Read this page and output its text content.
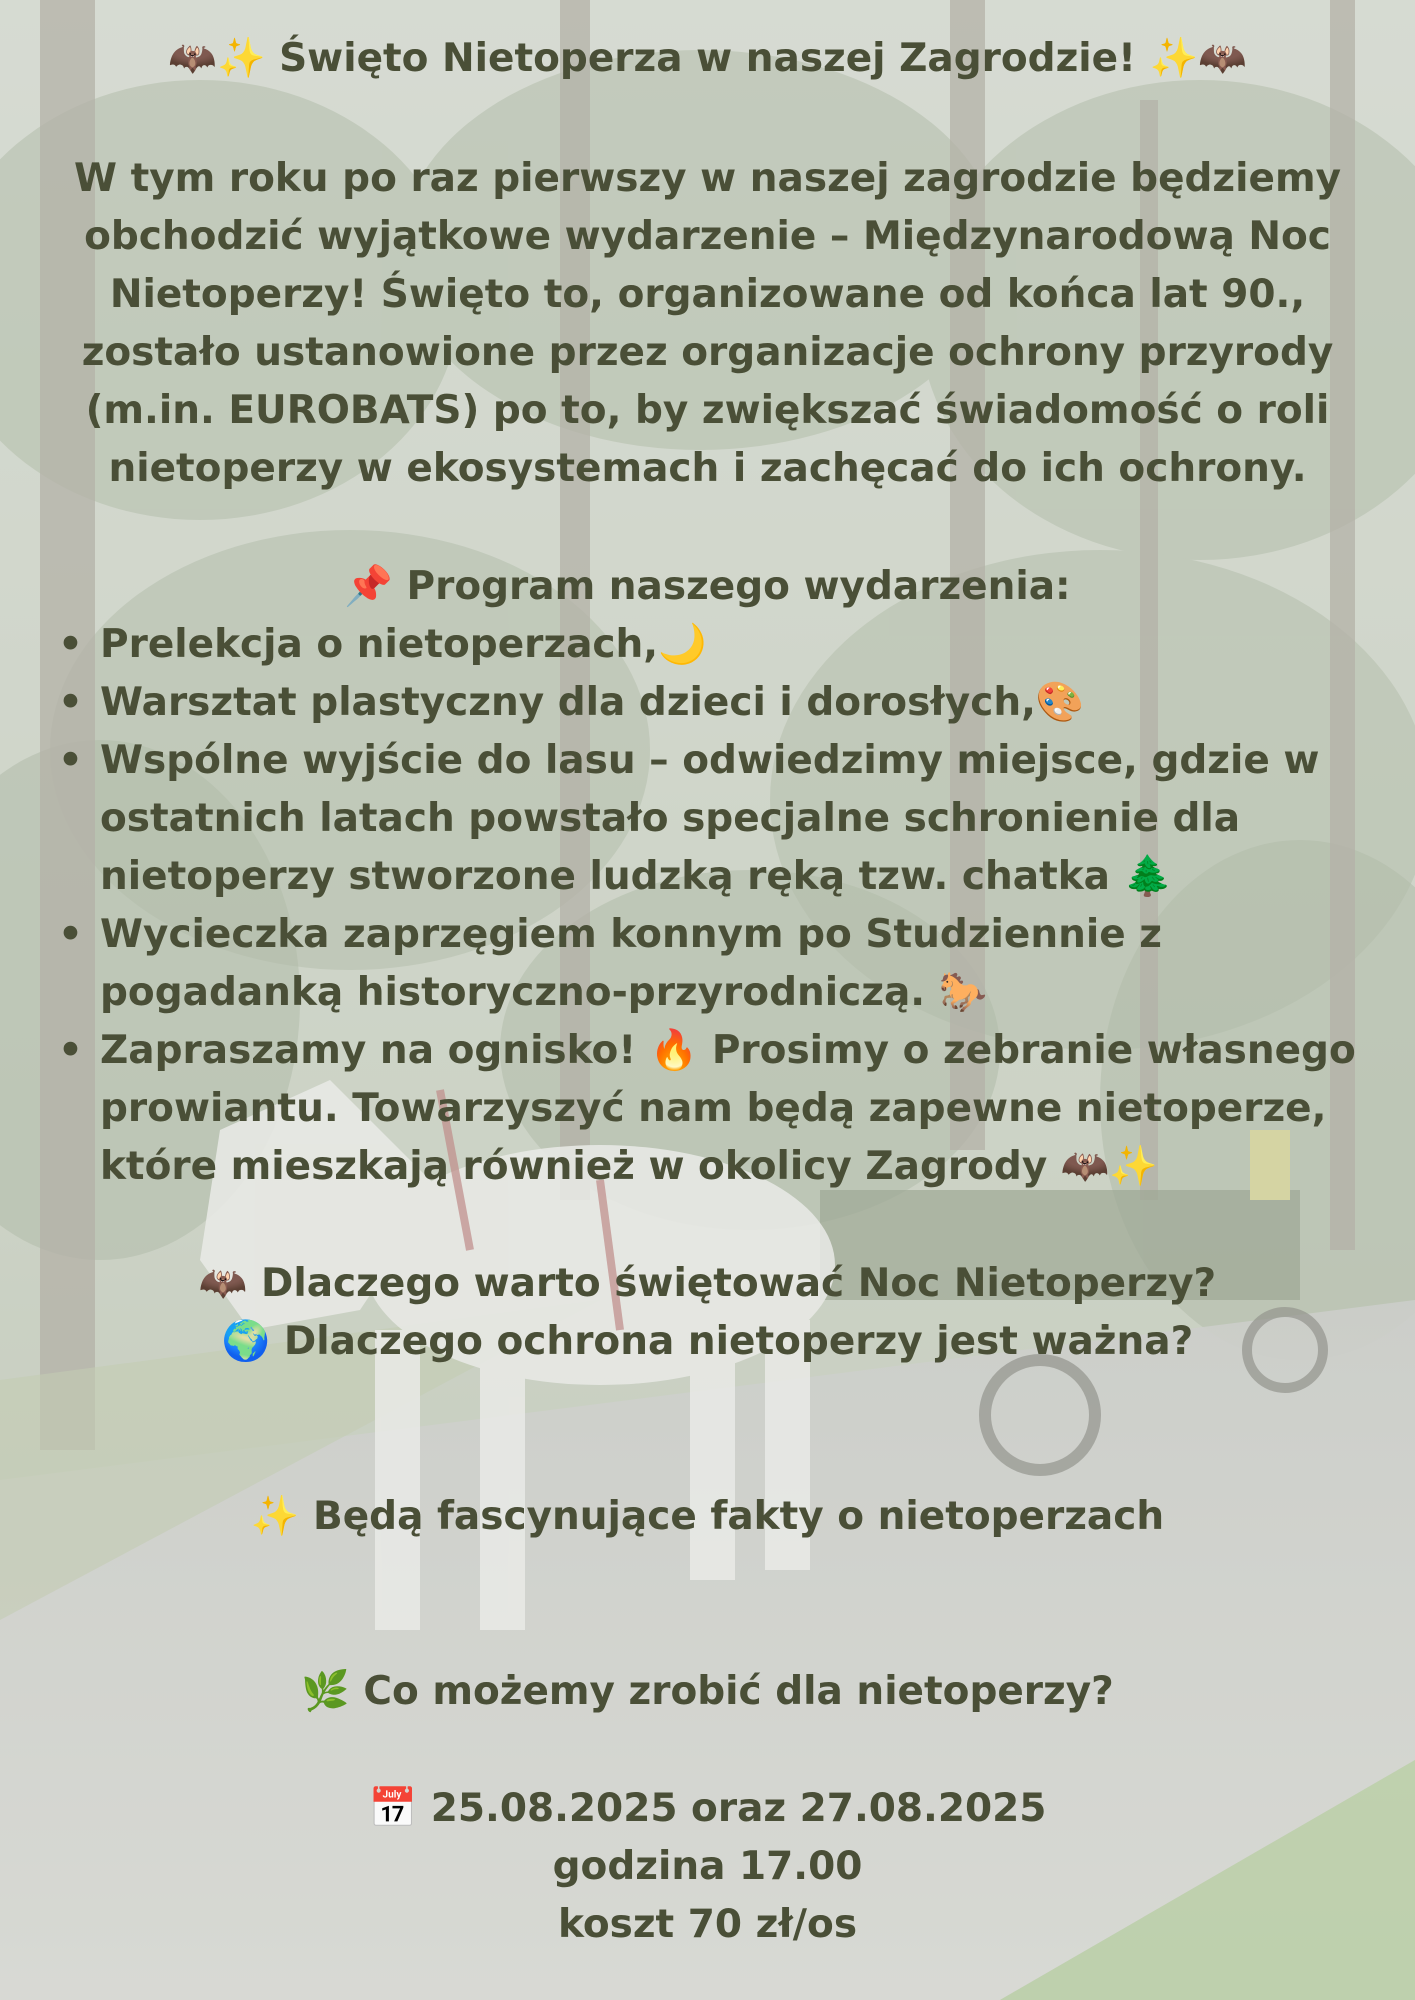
🦇✨ Święto Nietoperza w naszej Zagrodzie! ✨🦇

W tym roku po raz pierwszy w naszej zagrodzie będziemy obchodzić wyjątkowe wydarzenie – Międzynarodową Noc Nietoperzy! Święto to, organizowane od końca lat 90., zostało ustanowione przez organizacje ochrony przyrody (m.in. EUROBATS) po to, by zwiększać świadomość o roli nietoperzy w ekosystemach i zachęcać do ich ochrony.

📌 Program naszego wydarzenia:

• Prelekcja o nietoperzach,🌙
• Warsztat plastyczny dla dzieci i dorosłych,🎨
• Wspólne wyjście do lasu – odwiedzimy miejsce, gdzie w ostatnich latach powstało specjalne schronienie dla nietoperzy stworzone ludzką ręką tzw. chatka 🌲
• Wycieczka zaprzęgiem konnym po Studziennie z pogadanką historyczno-przyrodniczą. 🐎
• Zapraszamy na ognisko! 🔥 Prosimy o zebranie własnego prowiantu. Towarzyszyć nam będą zapewne nietoperze, które mieszkają również w okolicy Zagrody 🦇✨

🦇 Dlaczego warto świętować Noc Nietoperzy?

🌍 Dlaczego ochrona nietoperzy jest ważna?

✨ Będą fascynujące fakty o nietoperzach

🌿 Co możemy zrobić dla nietoperzy?

📅 25.08.2025 oraz 27.08.2025

godzina 17.00

koszt 70 zł/os
